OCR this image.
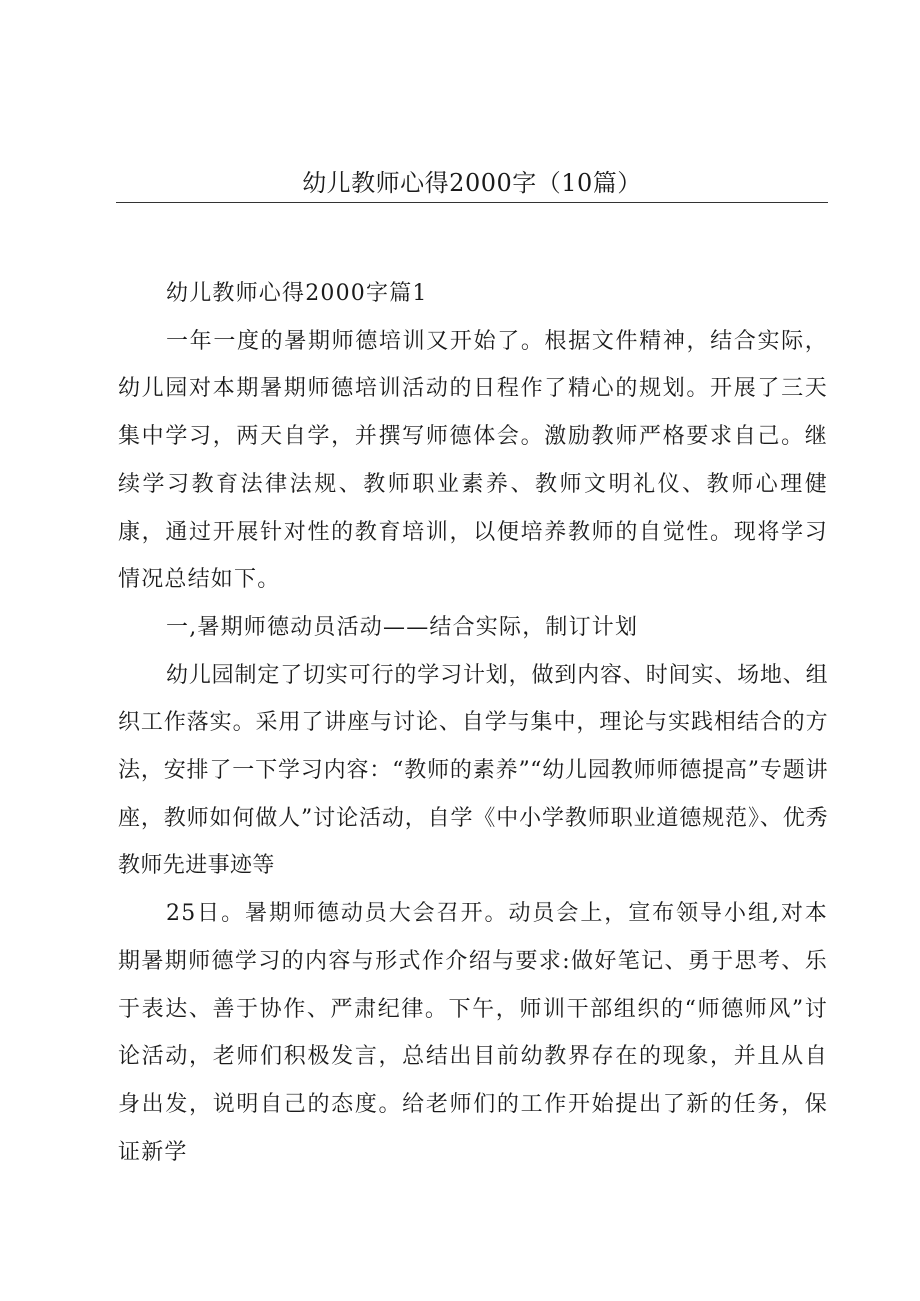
幼儿教师心得2000字（10篇）

幼儿教师心得2000字篇1

一年一度的暑期师德培训又开始了。根据文件精神，结合实际，幼儿园对本期暑期师德培训活动的日程作了精心的规划。开展了三天集中学习，两天自学，并撰写师德体会。激励教师严格要求自己。继续学习教育法律法规、教师职业素养、教师文明礼仪、教师心理健康，通过开展针对性的教育培训，以便培养教师的自觉性。现将学习情况总结如下。

一,暑期师德动员活动——结合实际，制订计划

幼儿园制定了切实可行的学习计划，做到内容、时间实、场地、组织工作落实。采用了讲座与讨论、自学与集中，理论与实践相结合的方法，安排了一下学习内容：“教师的素养”“幼儿园教师师德提高”专题讲座，教师如何做人”讨论活动，自学《中小学教师职业道德规范》、优秀教师先进事迹等

25日。暑期师德动员大会召开。动员会上，宣布领导小组,对本期暑期师德学习的内容与形式作介绍与要求:做好笔记、勇于思考、乐于表达、善于协作、严肃纪律。下午，师训干部组织的“师德师风”讨论活动，老师们积极发言，总结出目前幼教界存在的现象，并且从自身出发，说明自己的态度。给老师们的工作开始提出了新的任务，保证新学
